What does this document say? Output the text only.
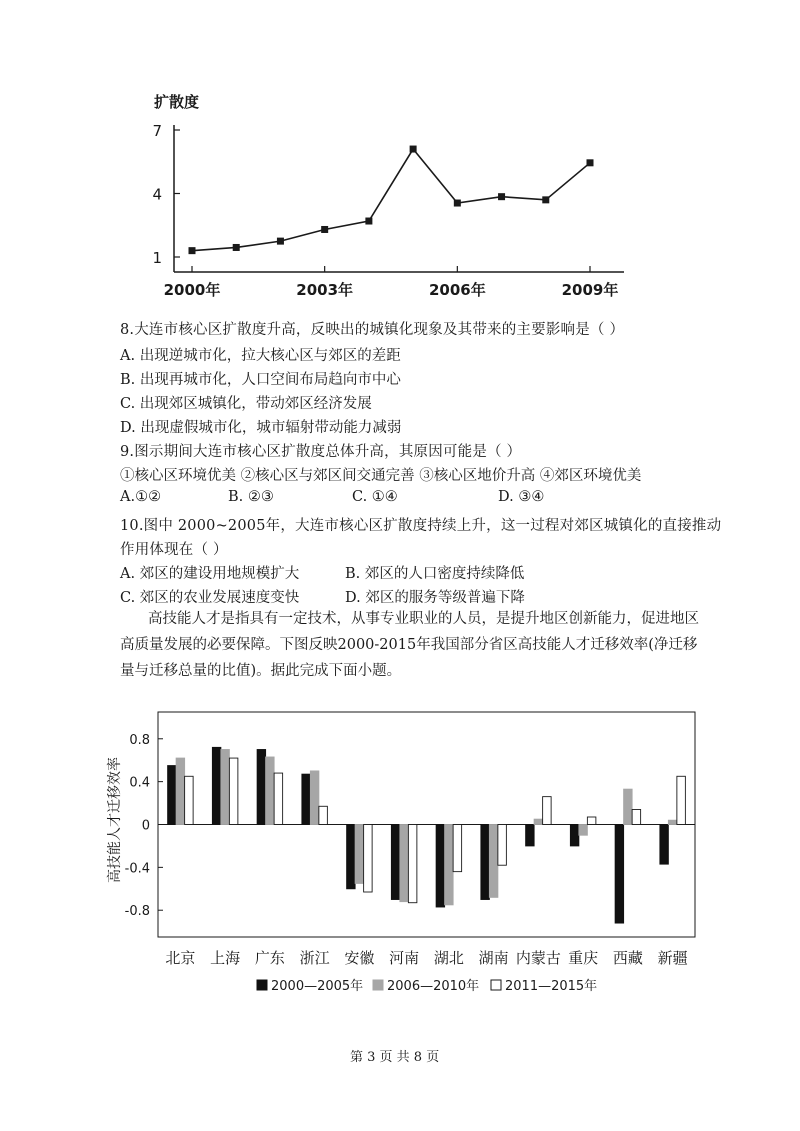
扩散度
1
4
7
2000年	2003年	2006年	2009年
8.大连市核心区扩散度升高，反映出的城镇化现象及其带来的主要影响是（ ）
A. 出现逆城市化，拉大核心区与郊区的差距
B. 出现再城市化，人口空间布局趋向市中心
C. 出现郊区城镇化，带动郊区经济发展
D. 出现虚假城市化，城市辐射带动能力减弱
9.图示期间大连市核心区扩散度总体升高，其原因可能是（ ）
①核心区环境优美 ②核心区与郊区间交通完善 ③核心区地价升高 ④郊区环境优美
A.①②	B. ②③	C. ①④	D. ③④
10.图中 2000~2005年，大连市核心区扩散度持续上升，这一过程对郊区城镇化的直接推动
作用体现在（ ）
A. 郊区的建设用地规模扩大	B. 郊区的人口密度持续降低
C. 郊区的农业发展速度变快	D. 郊区的服务等级普遍下降
高技能人才是指具有一定技术，从事专业职业的人员，是提升地区创新能力，促进地区
高质量发展的必要保障。下图反映2000-2015年我国部分省区高技能人才迁移效率(净迁移
量与迁移总量的比值)。据此完成下面小题。
高技能人才迁移效率
0.8
0.4
0
-0.4
-0.8
北京 上海 广东 浙江 安徽 河南 湖北 湖南 内蒙古 重庆 西藏 新疆
2000—2005年 2006—2010年 2011—2015年
第 3 页 共 8 页
